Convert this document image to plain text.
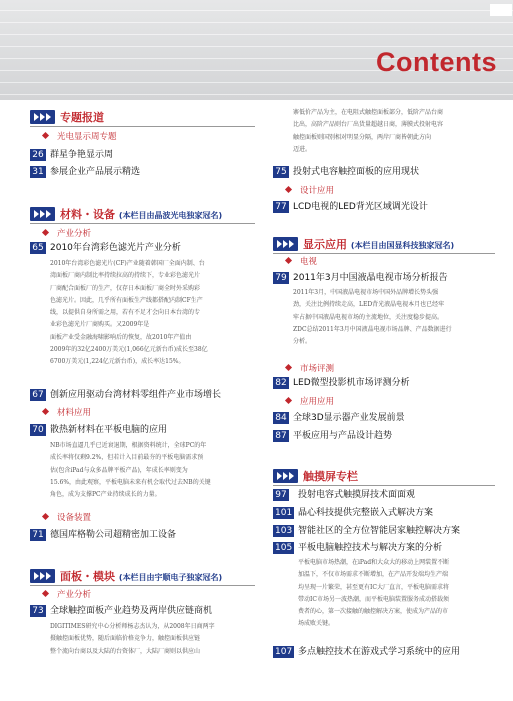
Contents
专题报道
光电显示周专题
26 群星争艳显示周
31 参展企业产品展示精选
材料・设备 (本栏目由晶波光电独家冠名)
产业分析
65 2010年台湾彩色滤光片产业分析
2010年台湾彩色滤光片(CF)产业随着韩国厂全面内制、台
湾面板厂商内制比率持续拉高的持续下，专业彩色滤光片
厂商配合面板厂的生产，仅存日本面板厂商全时外采购彩
色滤光片。因此，几乎所有面板生产线都搭配内制CF生产
线，以提供自身所需之用，若有不足才会向日本台湾的专
业彩色滤光片厂商购买。又2009年是
面板产业受金融海啸影响后的恢复，故2010年产值由
2009年的32亿2400万美元(1,066亿元新台币)成长至38亿
6700万美元(1,224亿元新台币)，成长率达15%。
67 创新应用驱动台湾材料零组件产业市场增长
材料应用
70 散热新材料在平板电脑的应用
NB市场直逼几乎已近衰退期，根据资料统计，全球PC的年
成长率将仅剩9.2%，但若计入目前最夯的平板电脑需求预
估(包含iPad与众多品牌平板产品)，年成长率则变为
15.6%，由此观察，平板电脑未来有机会取代过去NB的关键
角色，成为支撑PC产业持续成长的力量。
设备装置
71 德国库格勒公司超精密加工设备
面板・模块 (本栏目由宇顺电子独家冠名)
产业分析
73 全球触控面板产业趋势及两岸供应链商机
DIGITIMES研究中心分析师杨志杰认为，从2008年日商两字
摄触控面板优势，随后面临价格竞争力，触控面板供应链
整个流向台商以及大陆的台资体厂，大陆厂商则以供应山
寨低价产品为主，在电阻式触控面板部分，低阶产品台商
比出，高阶产品则台厂出货量超越日商，薄膜式投射电容
触控面板则国别相对明显分隔，两岸厂商皆朝此方向
迈进。
75 投射式电容触控面板的应用现状
设计应用
77 LCD电视的LED背光区域调光设计
显示应用 (本栏目由国显科技独家冠名)
电视
79 2011年3月中国液晶电视市场分析报告
2011年3月，中国液晶电视市场中国外品牌增长势头强
劲，关注比例持续走高，LED背光液晶电视本月也已经牢
牢占据中国液晶电视市场的主流地位，关注度稳步提高。
ZDC总结2011年3月中国液晶电视市场品牌、产品数据进行
分析。
市场评测
82 LED微型投影机市场评测分析
应用应用
84 全球3D显示器产业发展前景
87 平板应用与产品设计趋势
触摸屏专栏
97 投射电容式触摸屏技术面面观
101 晶心科技提供完整嵌入式解决方案
103 智能社区的全方位智能居家触控解决方案
105 平板电脑触控技术与解决方案的分析
平板电脑市场热潮，在iPad和大众大的移动上网装置不断
加温下，不仅市场需求不断增加，在产品开发端均生产端
均呈现一片繁荣，甚至更有IC大厂直言，平板电脑需求将
带动IC市场另一波热潮，而平板电脑装置服务成动搭载须
费者的心，第一次接触的触控解决方案，使成为产品的市
场成败关键。
107 多点触控技术在游戏式学习系统中的应用
